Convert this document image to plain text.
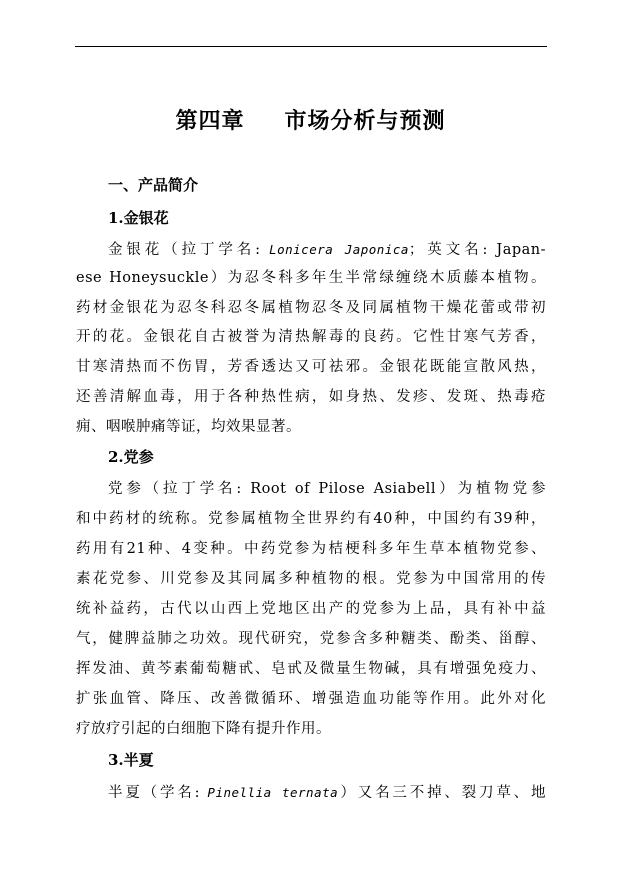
第四章 市场分析与预测
一、产品简介
1.金银花
金银花（拉丁学名: Lonicera Japonica；英文名: Japan-
ese Honeysuckle）为忍冬科多年生半常绿缠绕木质藤本植物。
药材金银花为忍冬科忍冬属植物忍冬及同属植物干燥花蕾或带初
开的花。金银花自古被誉为清热解毒的良药。它性甘寒气芳香，
甘寒清热而不伤胃，芳香透达又可祛邪。金银花既能宣散风热，
还善清解血毒，用于各种热性病，如身热、发疹、发斑、热毒疮
痈、咽喉肿痛等证，均效果显著。
2.党参
党参（拉丁学名: Root of Pilose Asiabell）为植物党参
和中药材的统称。党参属植物全世界约有40种，中国约有39种，
药用有21种、4变种。中药党参为桔梗科多年生草本植物党参、
素花党参、川党参及其同属多种植物的根。党参为中国常用的传
统补益药，古代以山西上党地区出产的党参为上品，具有补中益
气，健脾益肺之功效。现代研究，党参含多种糖类、酚类、甾醇、
挥发油、黄芩素葡萄糖甙、皂甙及微量生物碱，具有增强免疫力、
扩张血管、降压、改善微循环、增强造血功能等作用。此外对化
疗放疗引起的白细胞下降有提升作用。
3.半夏
半夏（学名: Pinellia ternata）又名三不掉、裂刀草、地
